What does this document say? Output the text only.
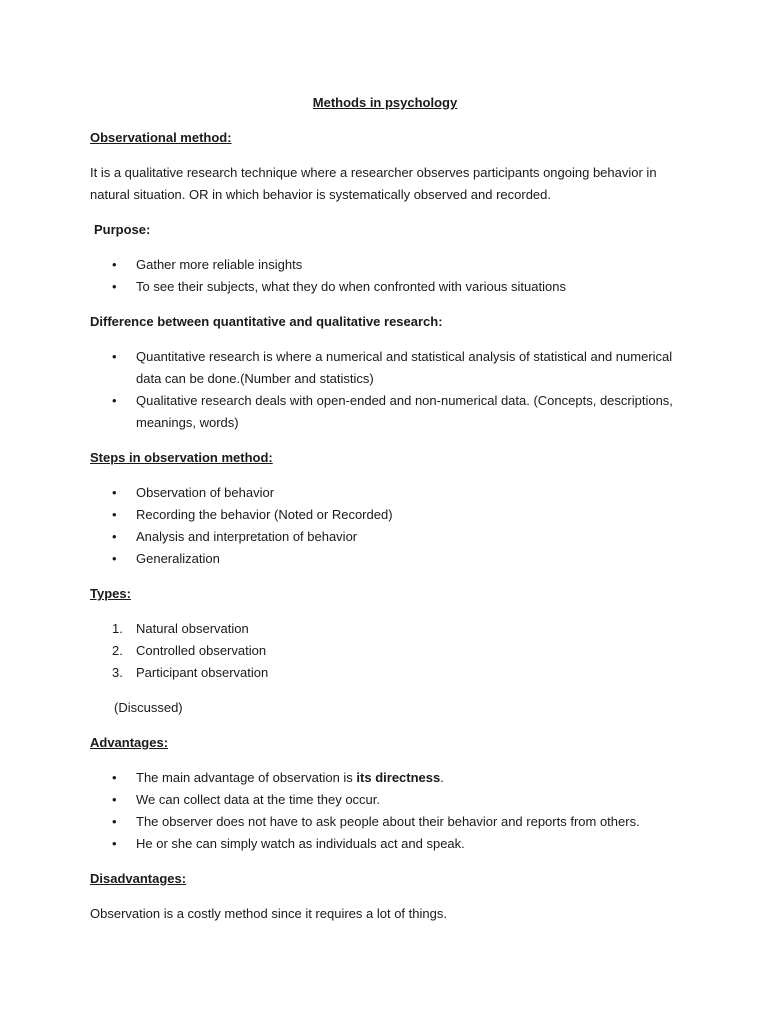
Methods in psychology
Observational method:

It is a qualitative research technique where a researcher observes participants ongoing behavior in natural situation. OR in which behavior is systematically observed and recorded.

Purpose:
• Gather more reliable insights
• To see their subjects, what they do when confronted with various situations
Difference between quantitative and qualitative research:
• Quantitative research is where a numerical and statistical analysis of statistical and numerical data can be done.(Number and statistics)
• Qualitative research deals with open-ended and non-numerical data. (Concepts, descriptions, meanings, words)
Steps in observation method:
• Observation of behavior
• Recording the behavior (Noted or Recorded)
• Analysis and interpretation of behavior
• Generalization
Types:
1. Natural observation
2. Controlled observation
3. Participant observation
(Discussed)
Advantages:
• The main advantage of observation is its directness.
• We can collect data at the time they occur.
• The observer does not have to ask people about their behavior and reports from others.
• He or she can simply watch as individuals act and speak.
Disadvantages:

Observation is a costly method since it requires a lot of things.
